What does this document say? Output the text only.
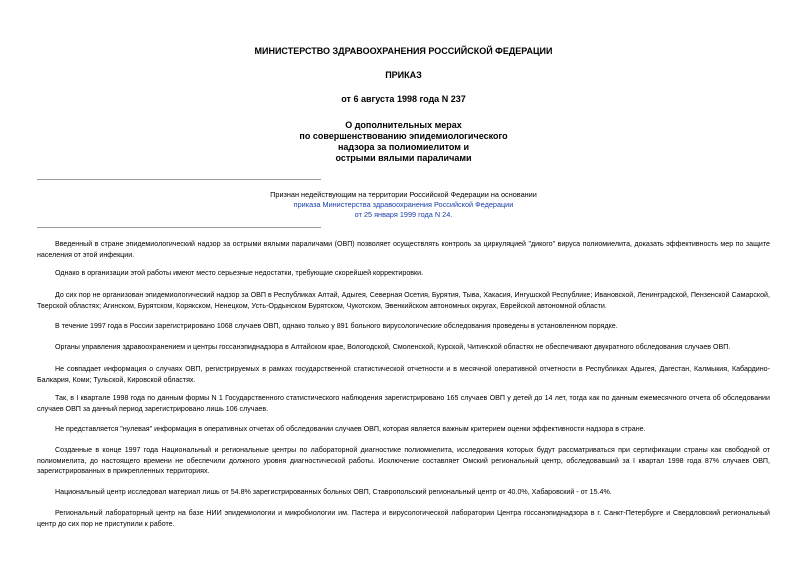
МИНИСТЕРСТВО ЗДРАВООХРАНЕНИЯ РОССИЙСКОЙ ФЕДЕРАЦИИ
ПРИКАЗ
от 6 августа 1998 года N 237
О дополнительных мерах
по совершенствованию эпидемиологического
надзора за полиомиелитом и
острыми вялыми параличами
Признан недействующим на территории Российской Федерации на основании
приказа Министерства здравоохранения Российской Федерации
от 25 января 1999 года N 24.

Введенный в стране эпидемиологический надзор за острыми вялыми параличами (ОВП) позволяет осуществлять контроль за циркуляцией "дикого" вируса полиомиелита, доказать эффективность мер по защите населения от этой инфекции.

Однако в организации этой работы имеют место серьезные недостатки, требующие скорейшей корректировки.

До сих пор не организован эпидемиологический надзор за ОВП в Республиках Алтай, Адыгея, Северная Осетия, Бурятия, Тыва, Хакасия, Ингушской Республике; Ивановской, Ленинградской, Пензенской Самарской, Тверской областях; Агинском, Бурятском, Корякском, Ненецком, Усть-Ордынском Бурятском, Чукотском, Эвенкийском автономных округах, Еврейской автономной области.

В течение 1997 года в России зарегистрировано 1068 случаев ОВП, однако только у 891 больного вирусологические обследования проведены в установленном порядке.

Органы управления здравоохранением и центры госсанэпиднадзора в Алтайском крае, Вологодской, Смоленской, Курской, Читинской областях не обеспечивают двукратного обследования случаев ОВП.

Не совпадает информация о случаях ОВП, регистрируемых в рамках государственной статистической отчетности и в месячной оперативной отчетности в Республиках Адыгея, Дагестан, Калмыкия, Кабардино-Балкария, Коми; Тульской, Кировской областях.

Так, в I квартале 1998 года по данным формы N 1 Государственного статистического наблюдения зарегистрировано 165 случаев ОВП у детей до 14 лет, тогда как по данным ежемесячного отчета об обследовании случаев ОВП за данный период зарегистрировано лишь 106 случаев.

Не представляется "нулевая" информация в оперативных отчетах об обследовании случаев ОВП, которая является важным критерием оценки эффективности надзора в стране.

Созданные в конце 1997 года Национальный и региональные центры по лабораторной диагностике полиомиелита, исследования которых будут рассматриваться при сертификации страны как свободной от полиомиелита, до настоящего времени не обеспечили должного уровня диагностической работы. Исключение составляет Омский региональный центр, обследовавший за I квартал 1998 года 87% случаев ОВП, зарегистрированных в прикрепленных территориях.

Национальный центр исследовал материал лишь от 54.8% зарегистрированных больных ОВП, Ставропольский региональный центр от 40.0%, Хабаровский - от 15.4%.

Региональный лабораторный центр на базе НИИ эпидемиологии и микробиологии им. Пастера и вирусологической лаборатории Центра госсанэпиднадзора в г. Санкт-Петербурге и Свердловский региональный центр до сих пор не приступили к работе.
